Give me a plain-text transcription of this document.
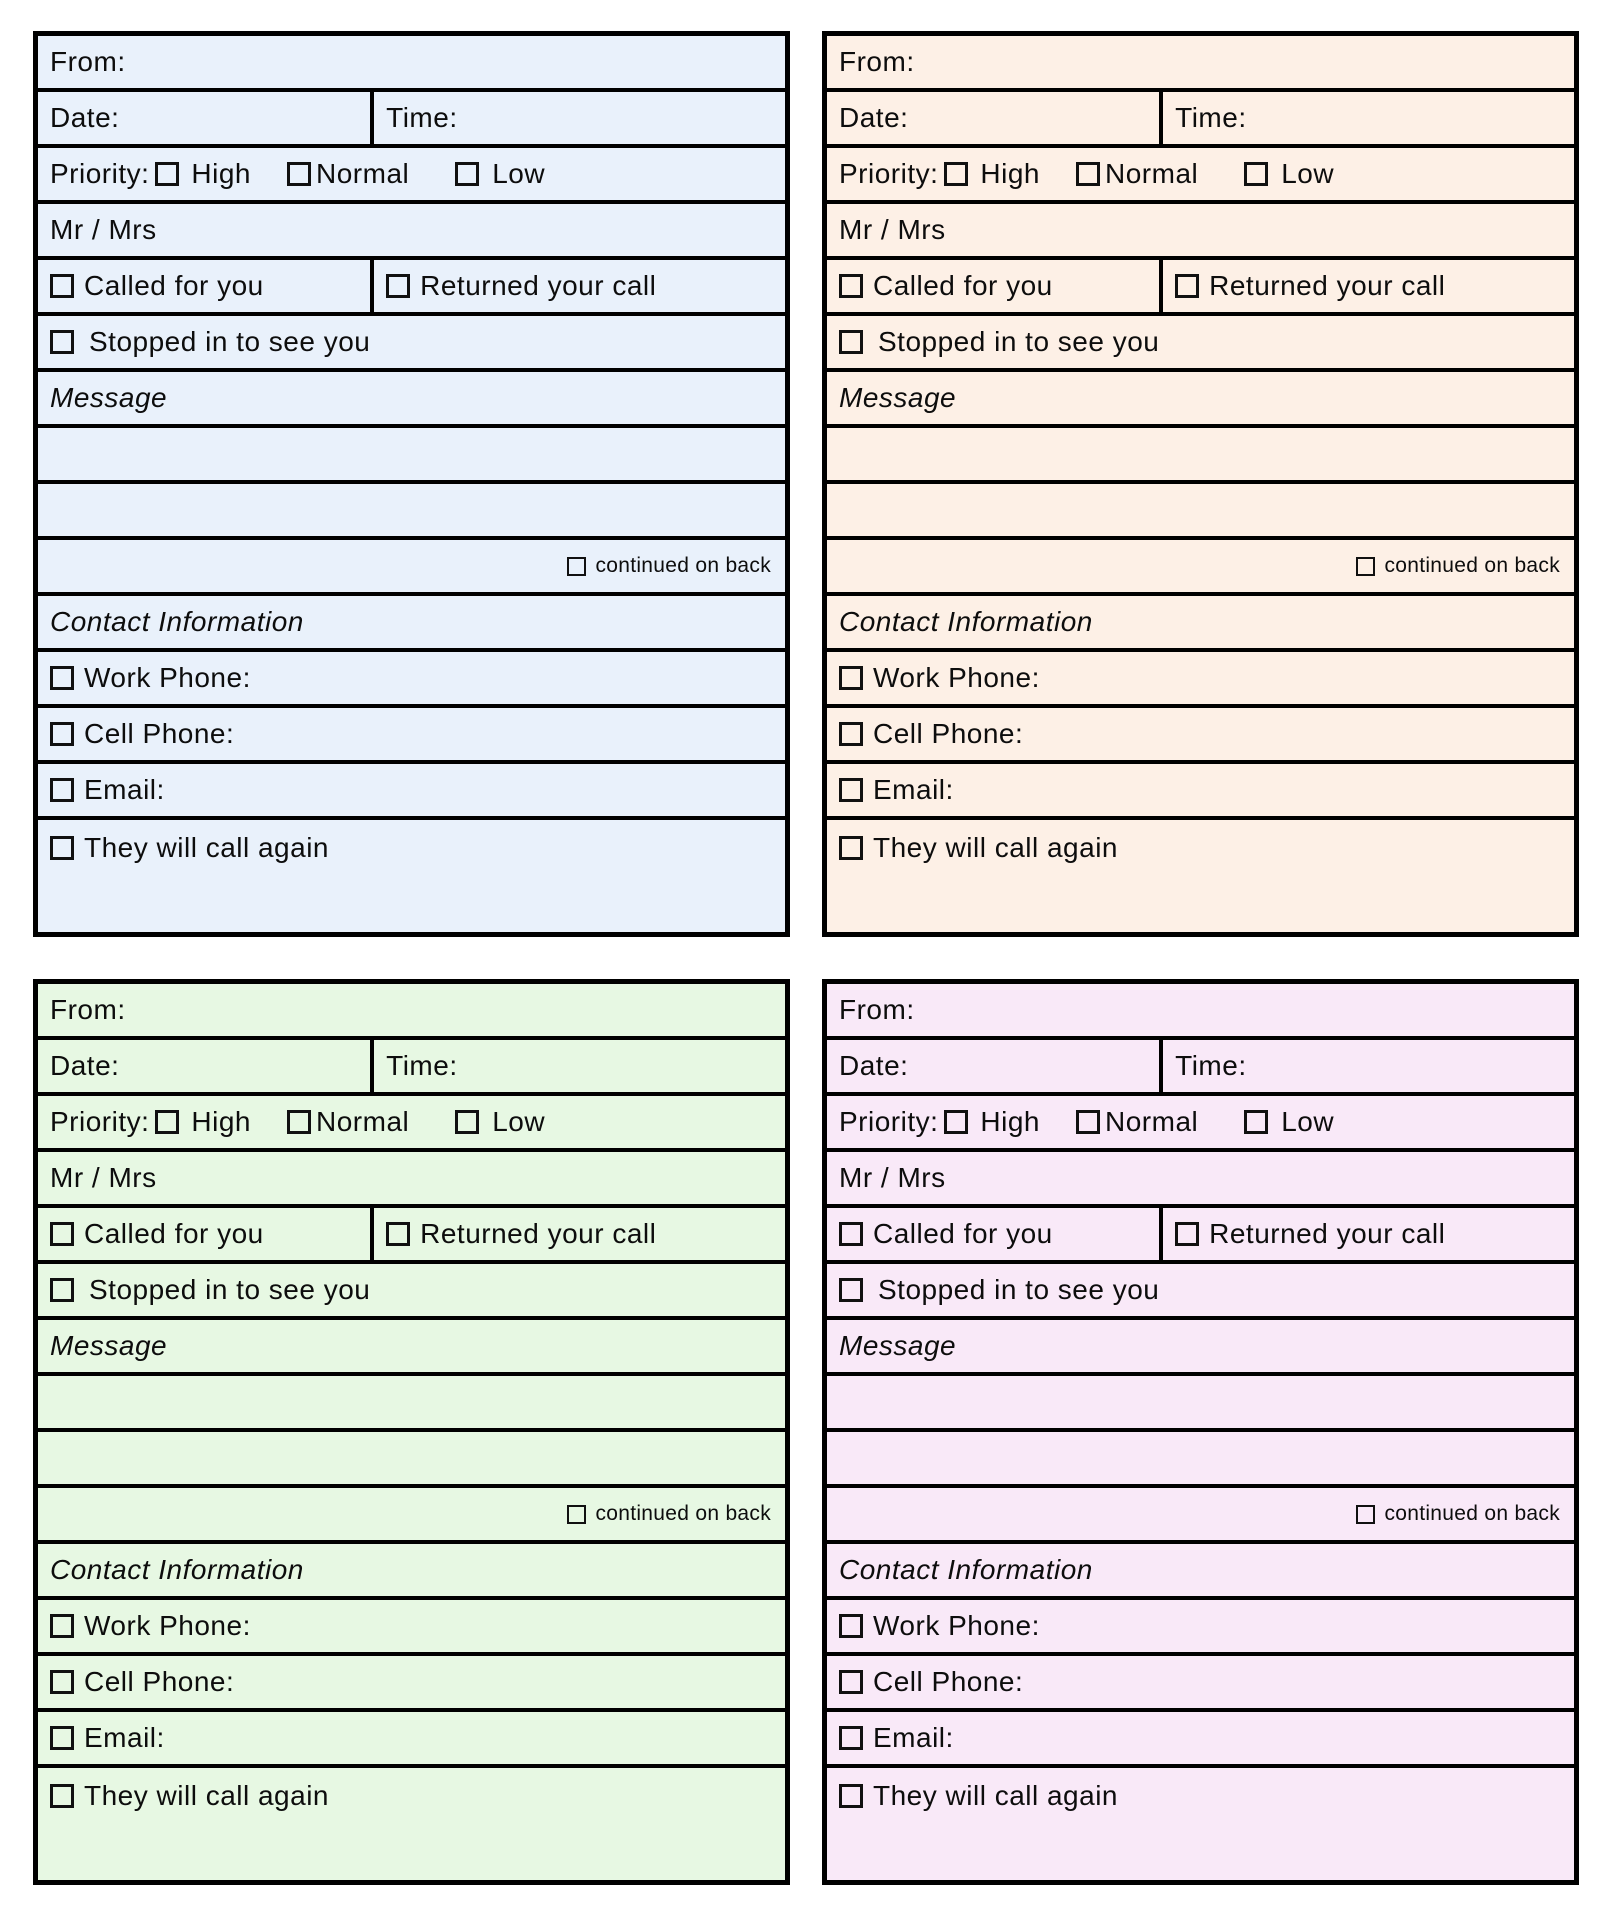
From:
Date:	Time:
Priority: High Normal	Low
Mr / Mrs
Called for you	Returned your call
Stopped in to see you
Message
continued on back
Contact Information
Work Phone:
Cell Phone:
Email:
They will call again
From:
Date:	Time:
Priority: High Normal	Low
Mr / Mrs
Called for you	Returned your call
Stopped in to see you
Message
continued on back
Contact Information
Work Phone:
Cell Phone:
Email:
They will call again
From:
Date:	Time:
Priority: High Normal	Low
Mr / Mrs
Called for you	Returned your call
Stopped in to see you
Message
continued on back
Contact Information
Work Phone:
Cell Phone:
Email:
They will call again
From:
Date:	Time:
Priority: High Normal	Low
Mr / Mrs
Called for you	Returned your call
Stopped in to see you
Message
continued on back
Contact Information
Work Phone:
Cell Phone:
Email:
They will call again
